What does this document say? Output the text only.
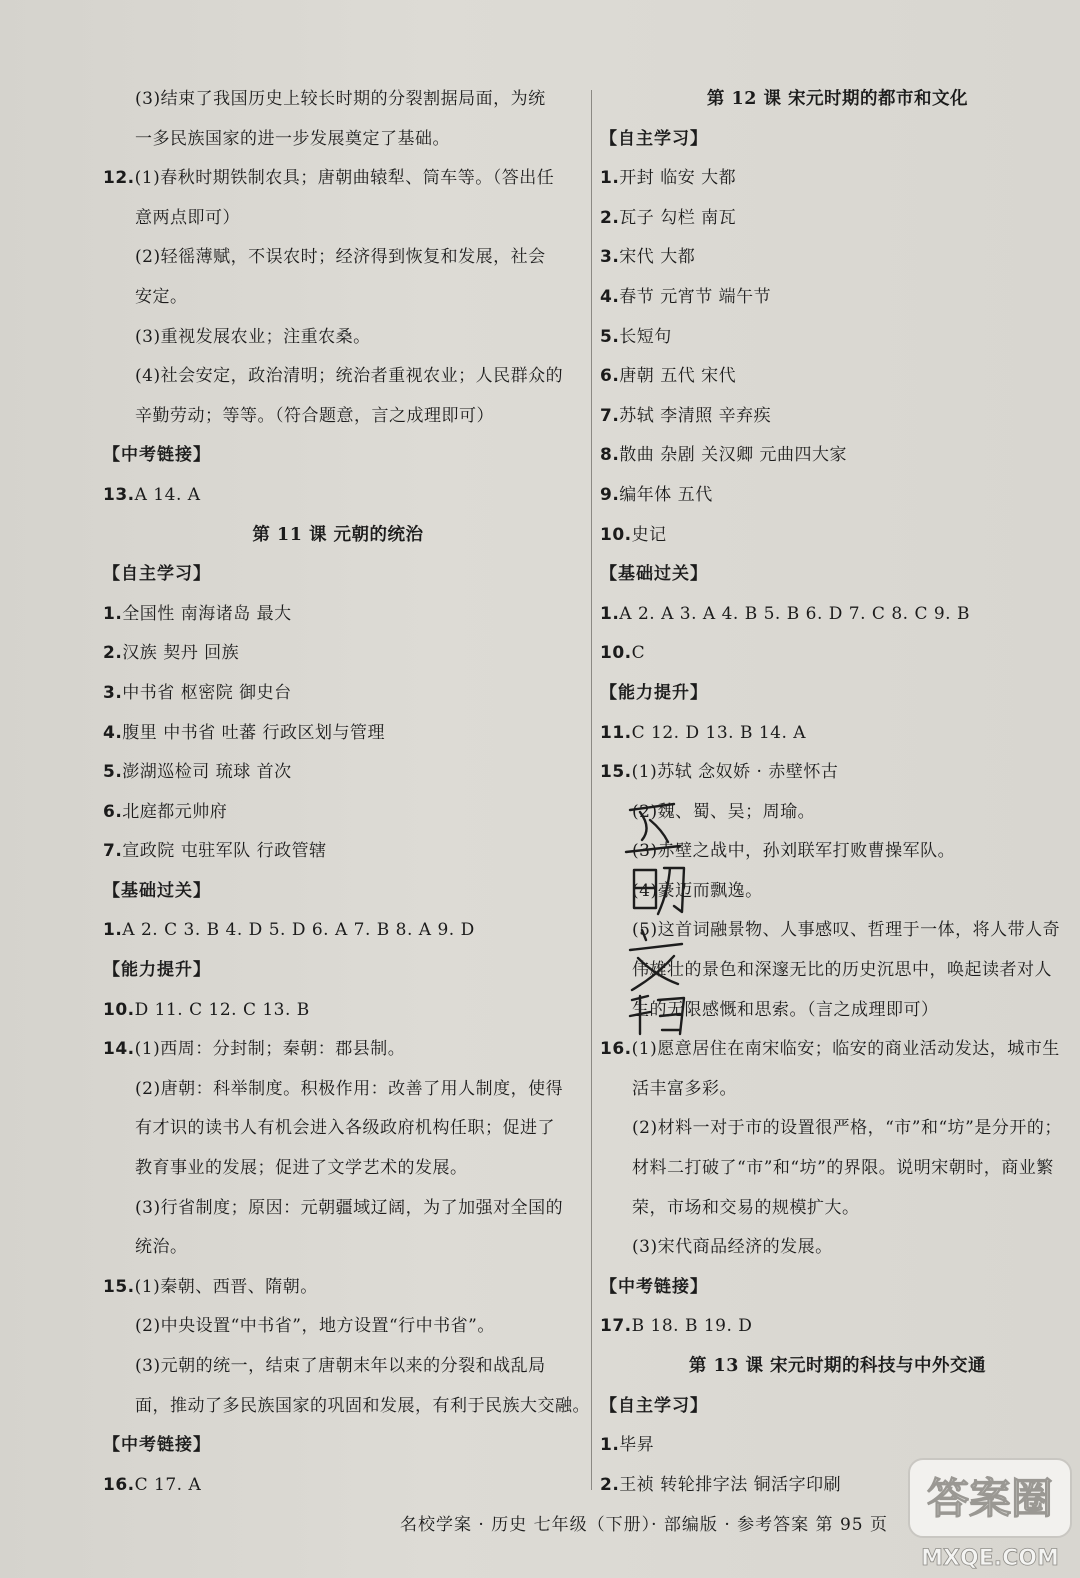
(3)结束了我国历史上较长时期的分裂割据局面，为统
一多民族国家的进一步发展奠定了基础。
12.(1)春秋时期铁制农具；唐朝曲辕犁、筒车等。（答出任
意两点即可）
(2)轻徭薄赋，不误农时；经济得到恢复和发展，社会
安定。
(3)重视发展农业；注重农桑。
(4)社会安定，政治清明；统治者重视农业；人民群众的
辛勤劳动；等等。（符合题意，言之成理即可）
【中考链接】
13.A 14. A
第 11 课 元朝的统治
【自主学习】
1.全国性 南海诸岛 最大
2.汉族 契丹 回族
3.中书省 枢密院 御史台
4.腹里 中书省 吐蕃 行政区划与管理
5.澎湖巡检司 琉球 首次
6.北庭都元帅府
7.宣政院 屯驻军队 行政管辖
【基础过关】
1.A 2. C 3. B 4. D 5. D 6. A 7. B 8. A 9. D
【能力提升】
10.D 11. C 12. C 13. B
14.(1)西周：分封制；秦朝：郡县制。
(2)唐朝：科举制度。积极作用：改善了用人制度，使得
有才识的读书人有机会进入各级政府机构任职；促进了
教育事业的发展；促进了文学艺术的发展。
(3)行省制度；原因：元朝疆域辽阔，为了加强对全国的
统治。
15.(1)秦朝、西晋、隋朝。
(2)中央设置“中书省”，地方设置“行中书省”。
(3)元朝的统一，结束了唐朝末年以来的分裂和战乱局
面，推动了多民族国家的巩固和发展，有利于民族大交融。
【中考链接】
16.C 17. A
第 12 课 宋元时期的都市和文化
【自主学习】
1.开封 临安 大都
2.瓦子 勾栏 南瓦
3.宋代 大都
4.春节 元宵节 端午节
5.长短句
6.唐朝 五代 宋代
7.苏轼 李清照 辛弃疾
8.散曲 杂剧 关汉卿 元曲四大家
9.编年体 五代
10.史记
【基础过关】
1.A 2. A 3. A 4. B 5. B 6. D 7. C 8. C 9. B
10.C
【能力提升】
11.C 12. D 13. B 14. A
15.(1)苏轼 念奴娇 · 赤壁怀古
(2)魏、蜀、吴；周瑜。
(3)赤壁之战中，孙刘联军打败曹操军队。
(4)豪迈而飘逸。
(5)这首词融景物、人事感叹、哲理于一体，将人带人奇
伟雄壮的景色和深邃无比的历史沉思中，唤起读者对人
生的无限感慨和思索。（言之成理即可）
16.(1)愿意居住在南宋临安；临安的商业活动发达，城市生
活丰富多彩。
(2)材料一对于市的设置很严格，“市”和“坊”是分开的；
材料二打破了“市”和“坊”的界限。说明宋朝时，商业繁
荣，市场和交易的规模扩大。
(3)宋代商品经济的发展。
【中考链接】
17.B 18. B 19. D
第 13 课 宋元时期的科技与中外交通
【自主学习】
1.毕昇
2.王祯 转轮排字法 铜活字印刷
名校学案 · 历史 七年级（下册）· 部编版 · 参考答案 第 95 页
答案圈
MXQE.COM
